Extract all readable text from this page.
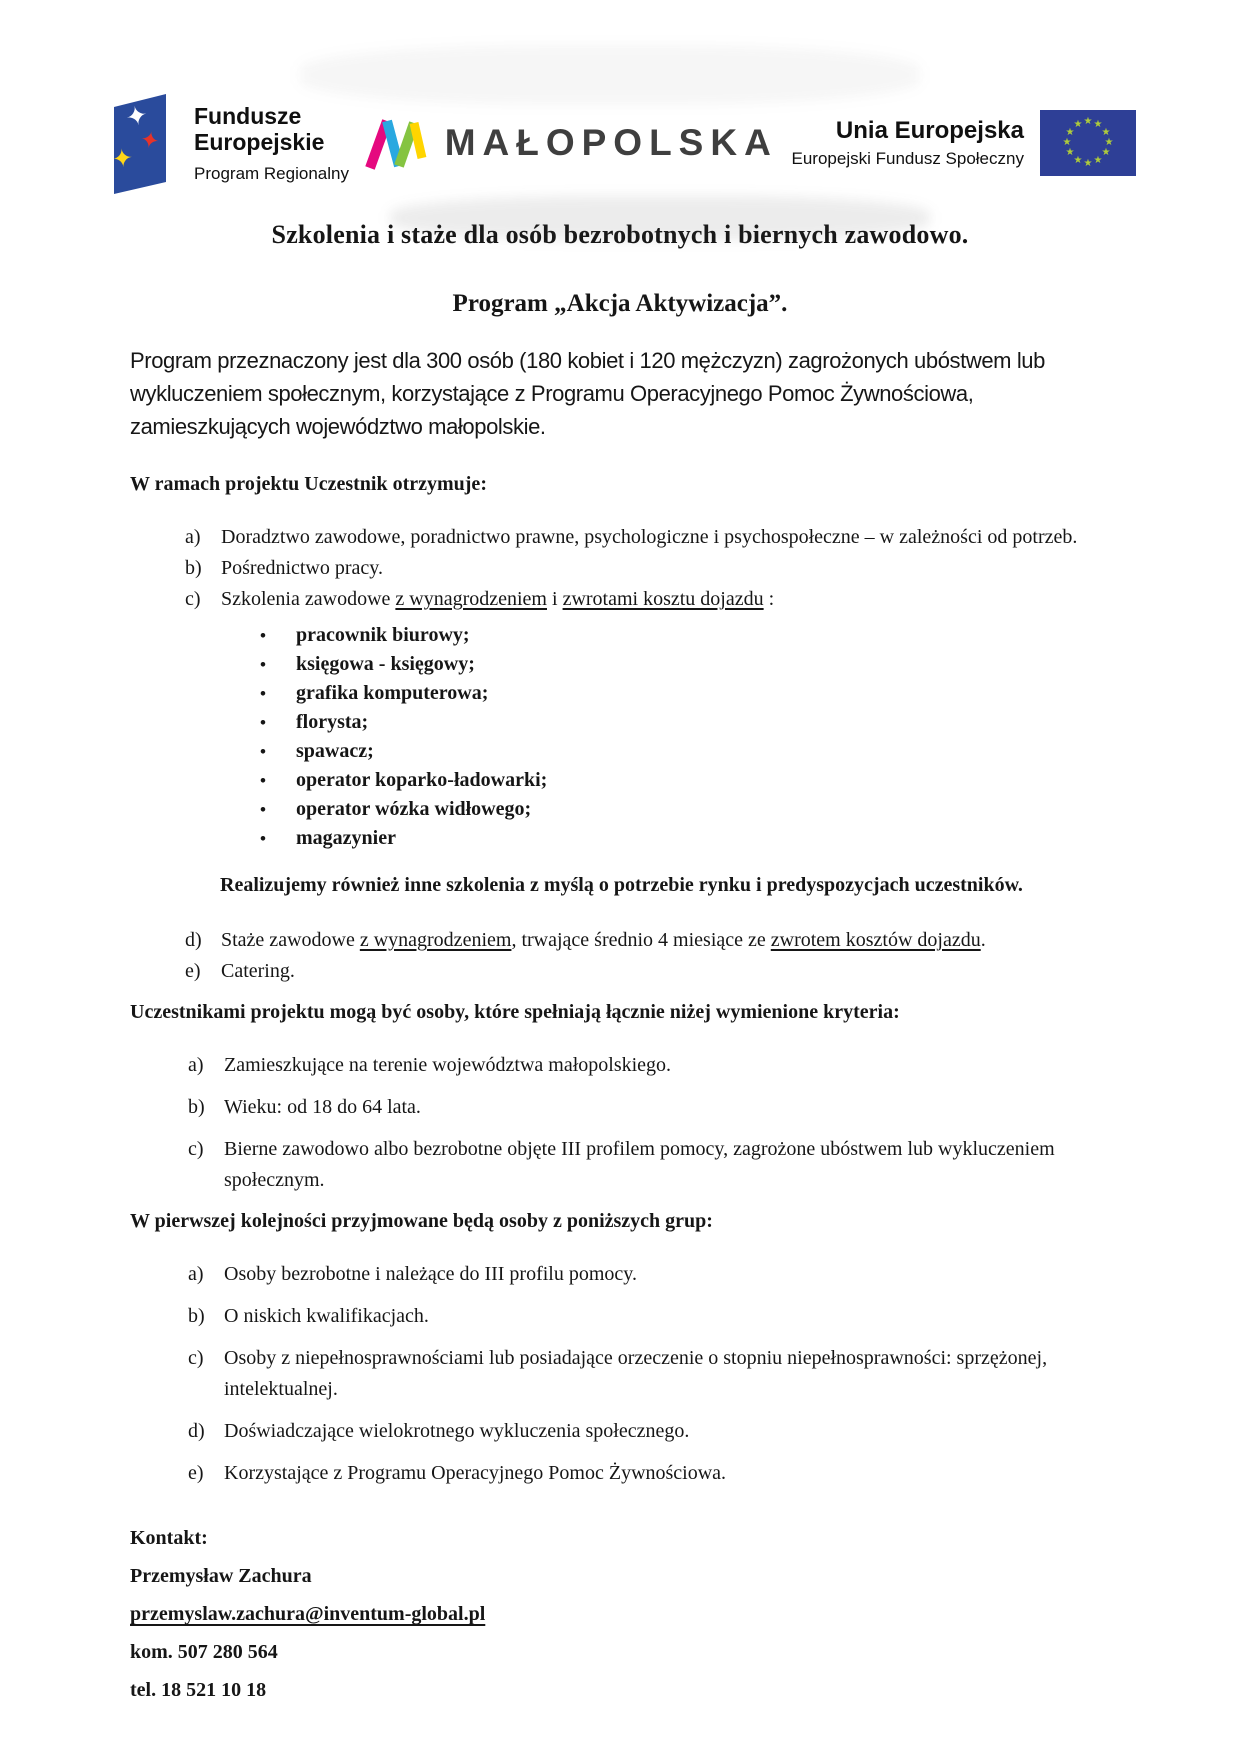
✦
✦
✦
Fundusze
Europejskie
Program Regionalny
MAŁOPOLSKA	Unia Europejska
Europejski Fundusz Społeczny
★ ★
★
★
★
★
★
★
★
★
★
★
Szkolenia i staże dla osób bezrobotnych i biernych zawodowo.
Program „Akcja Aktywizacja”.
Program przeznaczony jest dla 300 osób (180 kobiet i 120 mężczyzn) zagrożonych ubóstwem lub wykluczeniem społecznym, korzystające z Programu Operacyjnego Pomoc Żywnościowa, zamieszkujących województwo małopolskie.
W ramach projektu Uczestnik otrzymuje:
a)	Doradztwo zawodowe, poradnictwo prawne, psychologiczne i psychospołeczne – w zależności od potrzeb.
b) Pośrednictwo pracy.
c)	Szkolenia zawodowe z wynagrodzeniem i zwrotami kosztu dojazdu :
•	pracownik biurowy;
•	księgowa - księgowy;
•	grafika komputerowa;
•	florysta;
•	spawacz;
•	operator koparko-ładowarki;
•	operator wózka widłowego;
•	magazynier
Realizujemy również inne szkolenia z myślą o potrzebie rynku i predyspozycjach uczestników.
d) Staże zawodowe z wynagrodzeniem, trwające średnio 4 miesiące ze zwrotem kosztów dojazdu.
e)	Catering.
Uczestnikami projektu mogą być osoby, które spełniają łącznie niżej wymienione kryteria:
a)	Zamieszkujące na terenie województwa małopolskiego.
b) Wieku: od 18 do 64 lata.
c)	Bierne zawodowo albo bezrobotne objęte III profilem pomocy, zagrożone ubóstwem lub wykluczeniem społecznym.
W pierwszej kolejności przyjmowane będą osoby z poniższych grup:
a)	Osoby bezrobotne i należące do III profilu pomocy.
b) O niskich kwalifikacjach.
c)	Osoby z niepełnosprawnościami lub posiadające orzeczenie o stopniu niepełnosprawności: sprzężonej, intelektualnej.
d) Doświadczające wielokrotnego wykluczenia społecznego.
e)	Korzystające z Programu Operacyjnego Pomoc Żywnościowa.
Kontakt:
Przemysław Zachura
przemyslaw.zachura@inventum-global.pl
kom. 507 280 564
tel. 18 521 10 18
